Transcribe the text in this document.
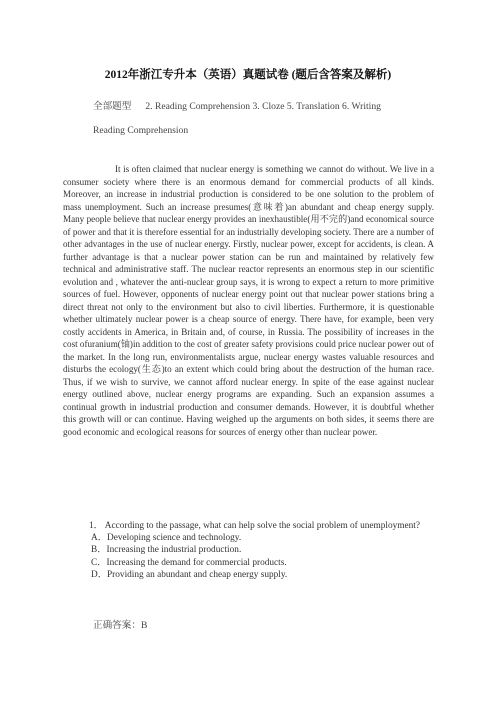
2012年浙江专升本（英语）真题试卷 (题后含答案及解析)
全部题型 2. Reading Comprehension 3. Cloze 5. Translation 6. Writing
Reading Comprehension

It is often claimed that nuclear energy is something we cannot do without. We live in a consumer society where there is an enormous demand for commercial products of all kinds. Moreover, an increase in industrial production is considered to be one solution to the problem of mass unemployment. Such an increase presumes(意味着)an abundant and cheap energy supply. Many people believe that nuclear energy provides an inexhaustible(用不完的)and economical source of power and that it is therefore essential for an industrially developing society. There are a number of other advantages in the use of nuclear energy. Firstly, nuclear power, except for accidents, is clean. A further advantage is that a nuclear power station can be run and maintained by relatively few technical and administrative staff. The nuclear reactor represents an enormous step in our scientific evolution and , whatever the anti-nuclear group says, it is wrong to expect a return to more primitive sources of fuel. However, opponents of nuclear energy point out that nuclear power stations bring a direct threat not only to the environment but also to civil liberties. Furthermore, it is questionable whether ultimately nuclear power is a cheap source of energy. There have, for example, been very costly accidents in America, in Britain and, of course, in Russia. The possibility of increases in the cost ofuranium(铀)in addition to the cost of greater safety provisions could price nuclear power out of the market. In the long run, environmentalists argue, nuclear energy wastes valuable resources and disturbs the ecology(生态)to an extent which could bring about the destruction of the human race. Thus, if we wish to survive, we cannot afford nuclear energy. In spite of the ease against nuclear energy outlined above, nuclear energy programs are expanding. Such an expansion assumes a continual growth in industrial production and consumer demands. However, it is doubtful whether this growth will or can continue. Having weighed up the arguments on both sides, it seems there are good economic and ecological reasons for sources of energy other than nuclear power.

1． According to the passage, what can help solve the social problem of unemployment?

A．Developing science and technology.
B．Increasing the industrial production.
C．Increasing the demand for commercial products.
D．Providing an abundant and cheap energy supply.
正确答案：B
